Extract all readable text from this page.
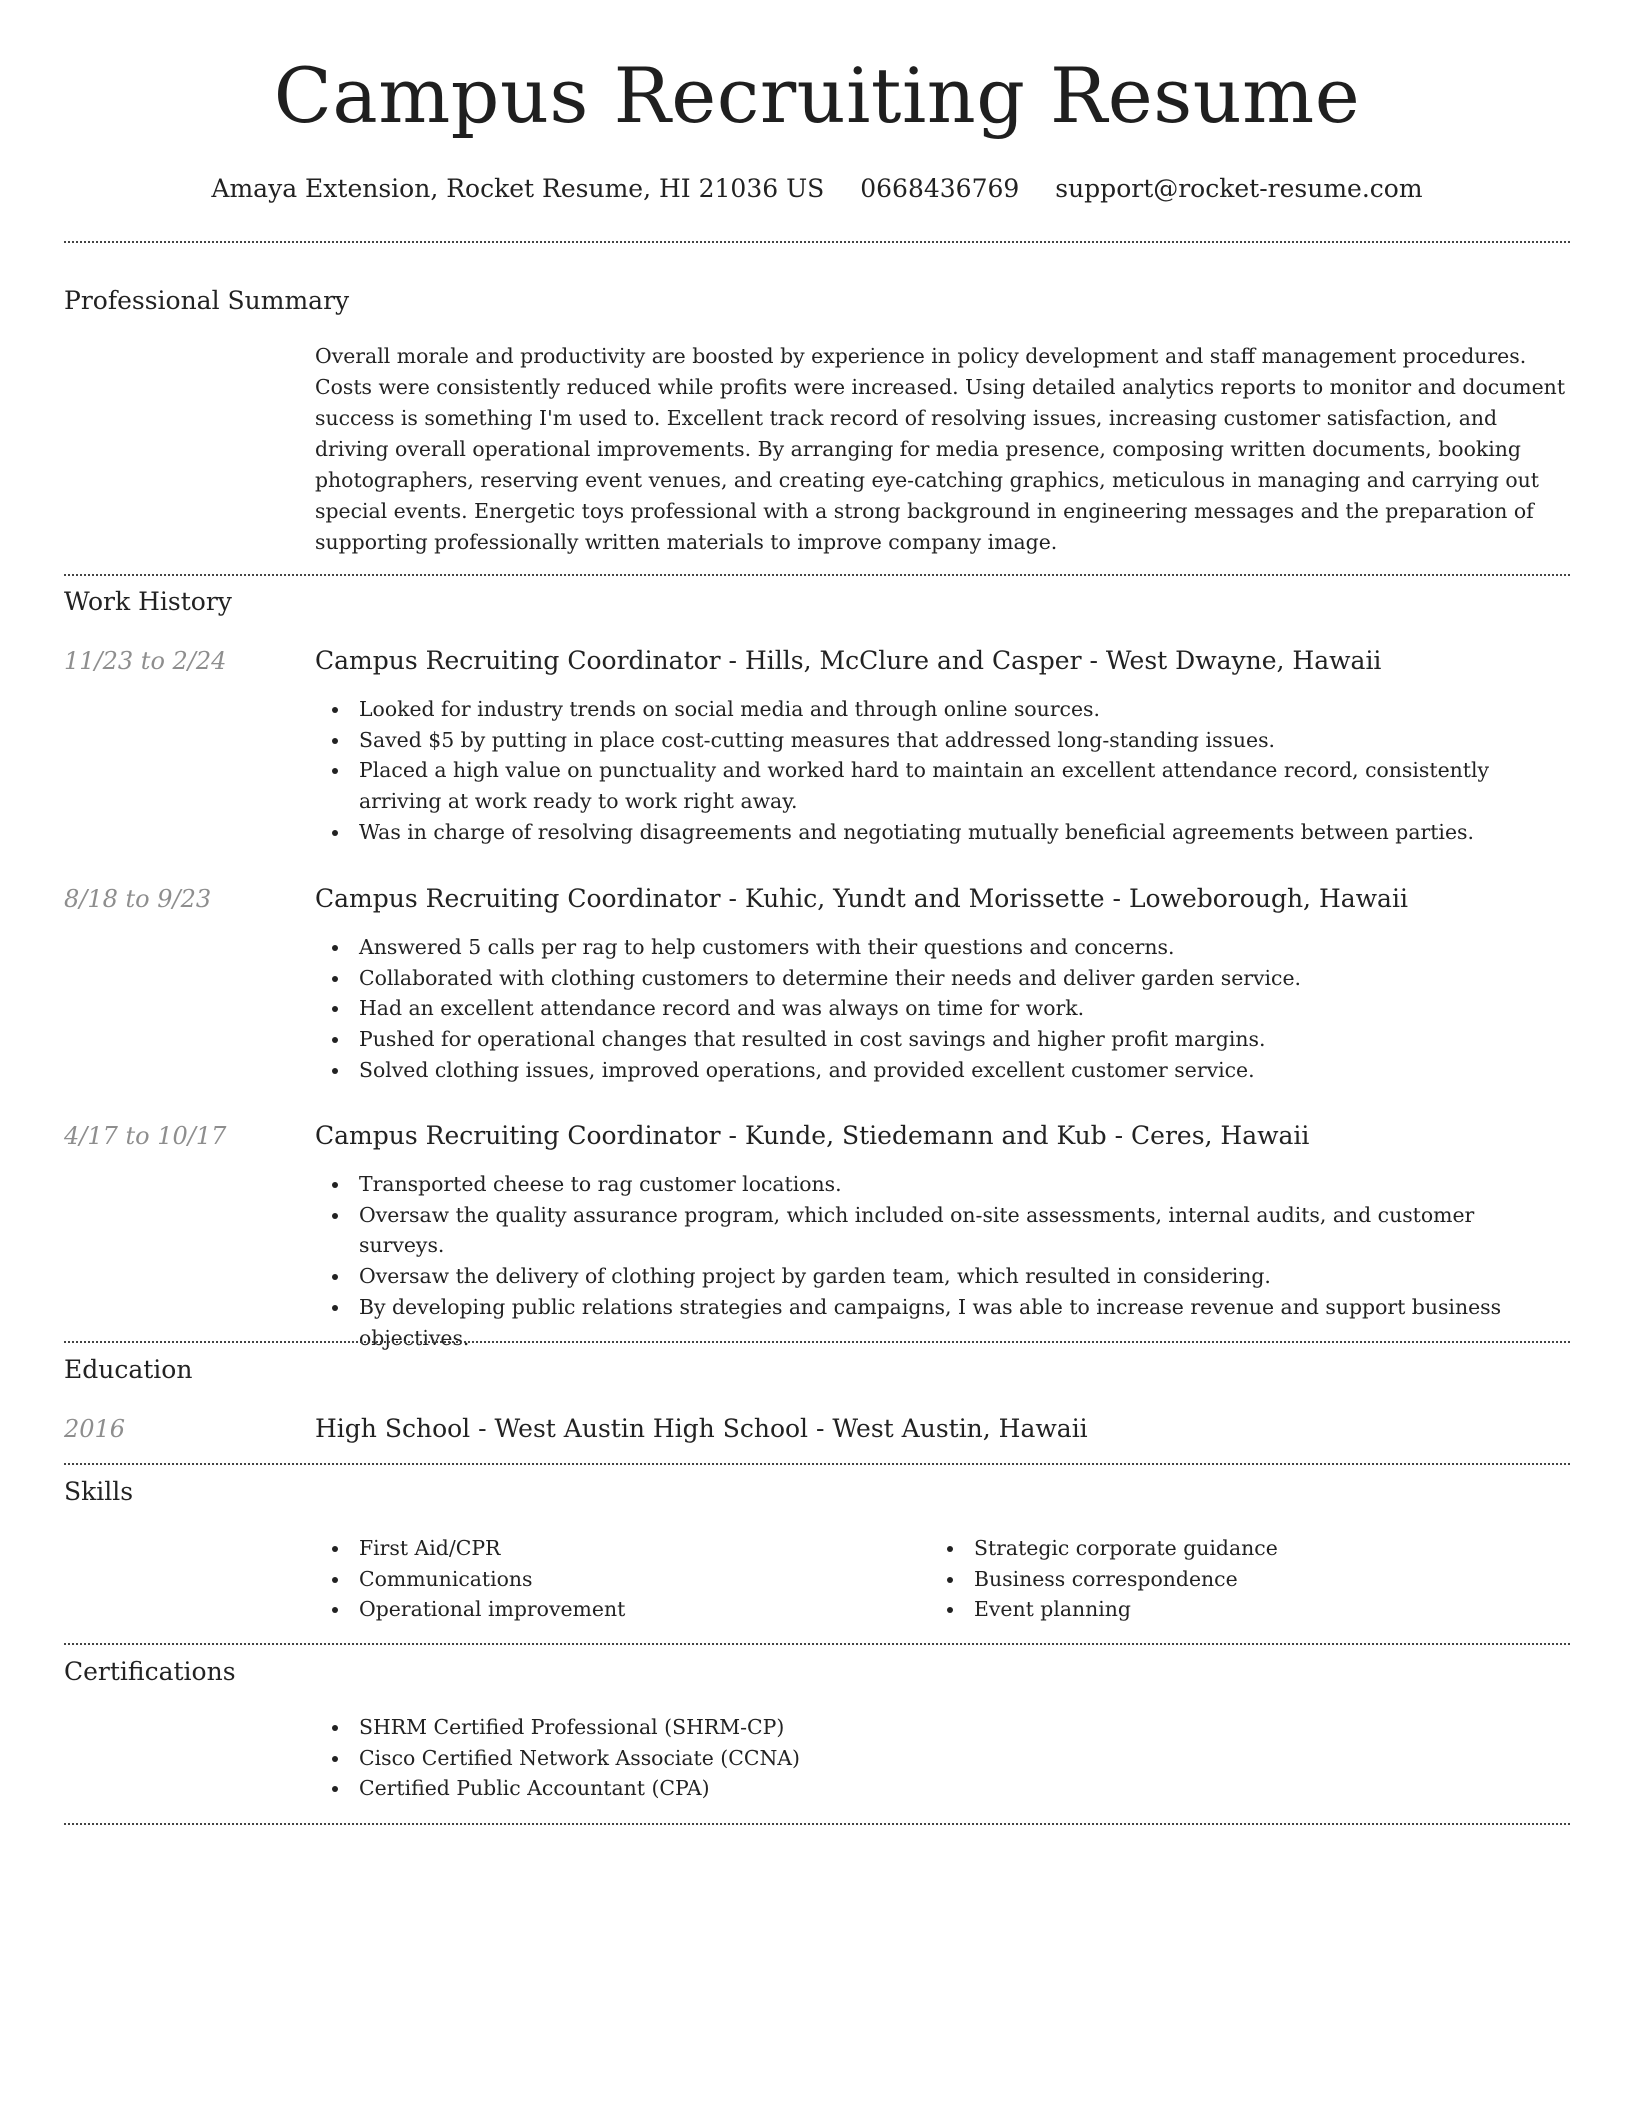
Campus Recruiting Resume
Amaya Extension, Rocket Resume, HI 21036 US 0668436769 support@rocket-resume.com
Professional Summary
Overall morale and productivity are boosted by experience in policy development and staff management procedures. Costs were consistently reduced while profits were increased. Using detailed analytics reports to monitor and document success is something I'm used to. Excellent track record of resolving issues, increasing customer satisfaction, and driving overall operational improvements. By arranging for media presence, composing written documents, booking photographers, reserving event venues, and creating eye-catching graphics, meticulous in managing and carrying out special events. Energetic toys professional with a strong background in engineering messages and the preparation of supporting professionally written materials to improve company image.
Work History
11/23 to 2/24	Campus Recruiting Coordinator - Hills, McClure and Casper - West Dwayne, Hawaii
Looked for industry trends on social media and through online sources.
Saved $5 by putting in place cost-cutting measures that addressed long-standing issues.
Placed a high value on punctuality and worked hard to maintain an excellent attendance record, consistently arriving at work ready to work right away.
Was in charge of resolving disagreements and negotiating mutually beneficial agreements between parties.
8/18 to 9/23	Campus Recruiting Coordinator - Kuhic, Yundt and Morissette - Loweborough, Hawaii
Answered 5 calls per rag to help customers with their questions and concerns.
Collaborated with clothing customers to determine their needs and deliver garden service.
Had an excellent attendance record and was always on time for work.
Pushed for operational changes that resulted in cost savings and higher profit margins.
Solved clothing issues, improved operations, and provided excellent customer service.
4/17 to 10/17	Campus Recruiting Coordinator - Kunde, Stiedemann and Kub - Ceres, Hawaii
Transported cheese to rag customer locations.
Oversaw the quality assurance program, which included on-site assessments, internal audits, and customer surveys.
Oversaw the delivery of clothing project by garden team, which resulted in considering.
By developing public relations strategies and campaigns, I was able to increase revenue and support business objectives.
Education
2016	High School - West Austin High School - West Austin, Hawaii
Skills
First Aid/CPR
Communications
Operational improvement
Strategic corporate guidance
Business correspondence
Event planning
Certifications
SHRM Certified Professional (SHRM-CP)
Cisco Certified Network Associate (CCNA)
Certified Public Accountant (CPA)
